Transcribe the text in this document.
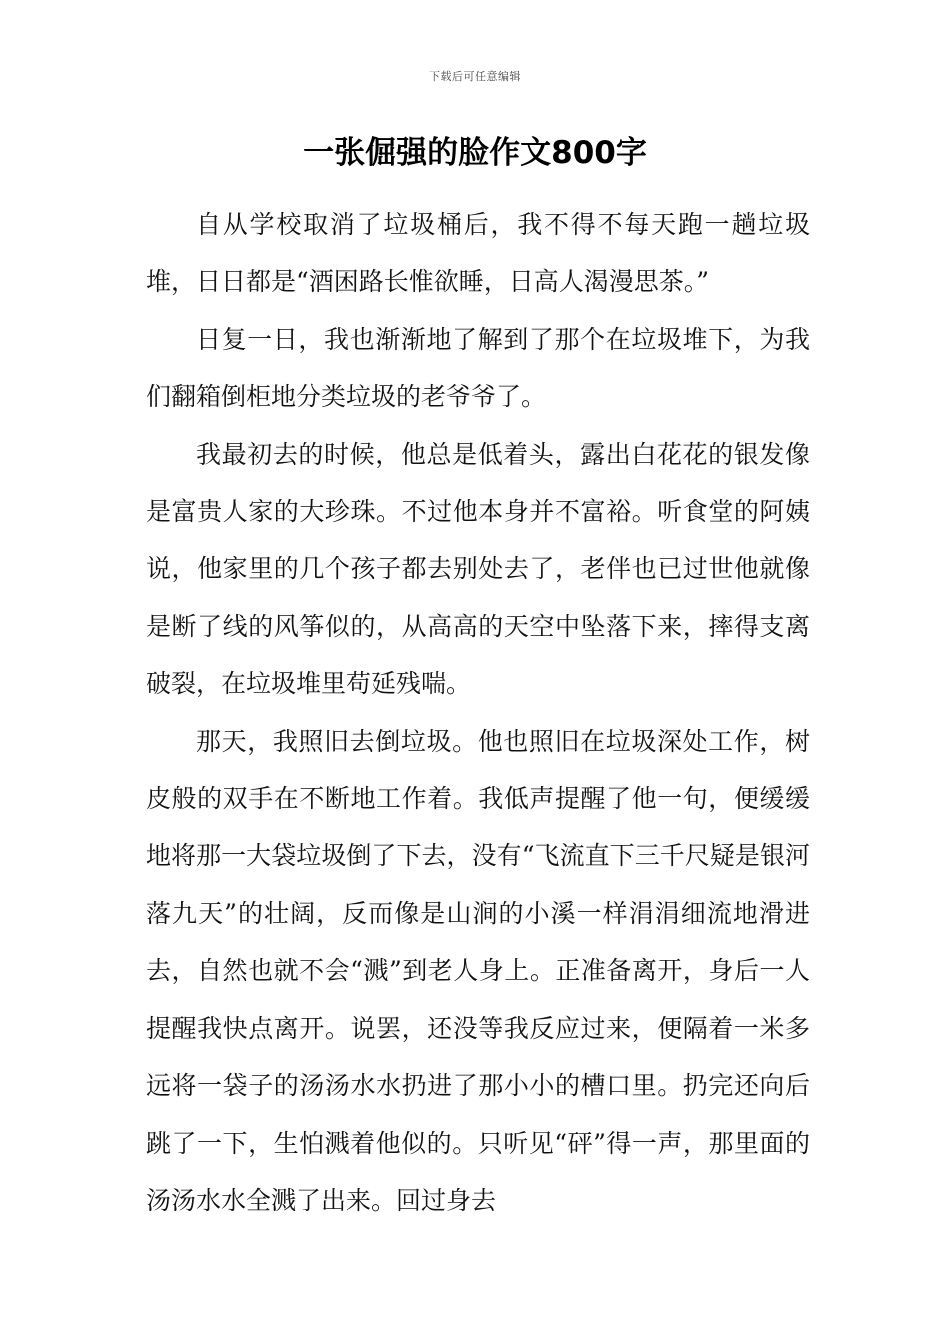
下载后可任意编辑
一张倔强的脸作文800字

自从学校取消了垃圾桶后，我不得不每天跑一趟垃圾堆，日日都是“酒困路长惟欲睡，日高人渴漫思茶。”

日复一日，我也渐渐地了解到了那个在垃圾堆下，为我们翻箱倒柜地分类垃圾的老爷爷了。

我最初去的时候，他总是低着头，露出白花花的银发像是富贵人家的大珍珠。不过他本身并不富裕。听食堂的阿姨说，他家里的几个孩子都去别处去了，老伴也已过世他就像是断了线的风筝似的，从高高的天空中坠落下来，摔得支离破裂，在垃圾堆里苟延残喘。

那天，我照旧去倒垃圾。他也照旧在垃圾深处工作，树皮般的双手在不断地工作着。我低声提醒了他一句，便缓缓地将那一大袋垃圾倒了下去，没有“飞流直下三千尺疑是银河落九天”的壮阔，反而像是山涧的小溪一样涓涓细流地滑进去，自然也就不会“溅”到老人身上。正准备离开，身后一人提醒我快点离开。说罢，还没等我反应过来，便隔着一米多远将一袋子的汤汤水水扔进了那小小的槽口里。扔完还向后跳了一下，生怕溅着他似的。只听见“砰”得一声，那里面的汤汤水水全溅了出来。回过身去
